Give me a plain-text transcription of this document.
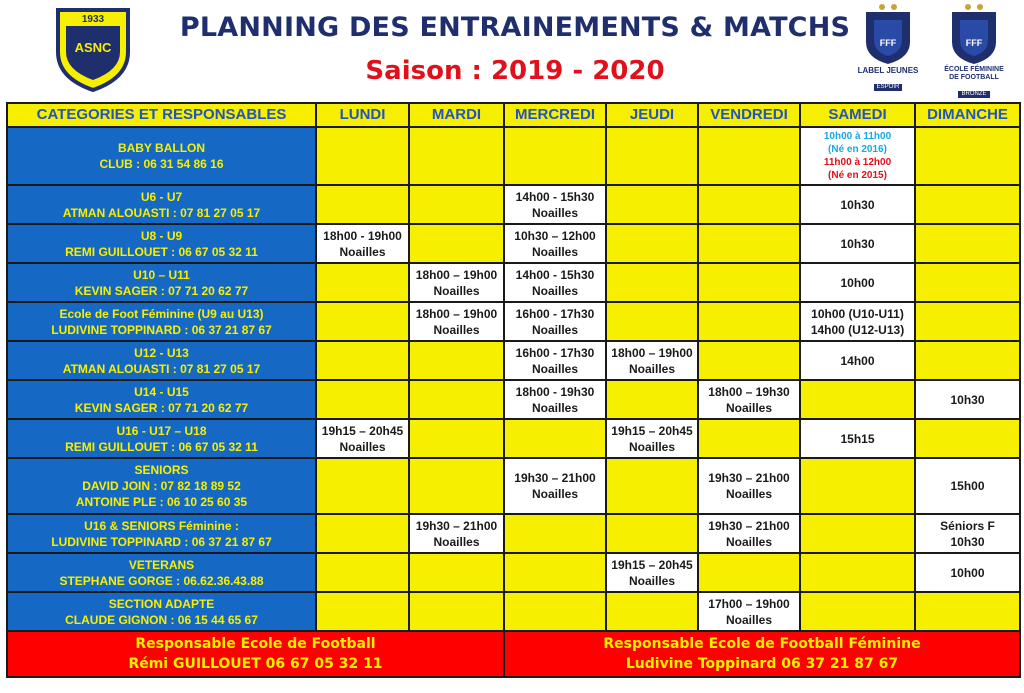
1933
ASNC
PLANNING DES ENTRAINEMENTS & MATCHS
Saison : 2019 - 2020
FFF
LABEL JEUNES
ESPOIR
FFF
ÉCOLE FÉMININE
DE FOOTBALL
BRONZE
CATEGORIES ET RESPONSABLES	LUNDI	MARDI	MERCREDI	JEUDI	VENDREDI	SAMEDI	DIMANCHE

BABY BALLON
CLUB : 06 31 54 86 16						10h00 à 11h00
(Né en 2016)
11h00 à 12h00
(Né en 2015)	

U6 - U7
ATMAN ALOUASTI : 07 81 27 05 17			14h00 - 15h30
Noailles			10h30	

U8 - U9
REMI GUILLOUET : 06 67 05 32 11	18h00 - 19h00
Noailles		10h30 – 12h00
Noailles			10h30	

U10 – U11
KEVIN SAGER : 07 71 20 62 77		18h00 – 19h00
Noailles	14h00 - 15h30
Noailles			10h00	

Ecole de Foot Féminine (U9 au U13)
LUDIVINE TOPPINARD : 06 37 21 87 67		18h00 – 19h00
Noailles	16h00 - 17h30
Noailles			10h00 (U10-U11)
14h00 (U12-U13)	

U12 - U13
ATMAN ALOUASTI : 07 81 27 05 17			16h00 - 17h30
Noailles	18h00 – 19h00
Noailles		14h00	

U14 - U15
KEVIN SAGER : 07 71 20 62 77			18h00 - 19h30
Noailles		18h00 – 19h30
Noailles		10h30

U16 - U17 – U18
REMI GUILLOUET : 06 67 05 32 11	19h15 – 20h45
Noailles			19h15 – 20h45
Noailles		15h15	

SENIORS
DAVID JOIN : 07 82 18 89 52
ANTOINE PLE : 06 10 25 60 35			19h30 – 21h00
Noailles		19h30 – 21h00
Noailles		15h00

U16 & SENIORS Féminine :
LUDIVINE TOPPINARD : 06 37 21 87 67		19h30 – 21h00
Noailles			19h30 – 21h00
Noailles		Séniors F
10h30

VETERANS
STEPHANE GORGE : 06.62.36.43.88				19h15 – 20h45
Noailles			10h00

SECTION ADAPTE
CLAUDE GIGNON : 06 15 44 65 67					17h00 – 19h00
Noailles		

Responsable Ecole de Football
Rémi GUILLOUET 06 67 05 32 11			Responsable Ecole de Football Féminine
Ludivine Toppinard 06 37 21 87 67				
